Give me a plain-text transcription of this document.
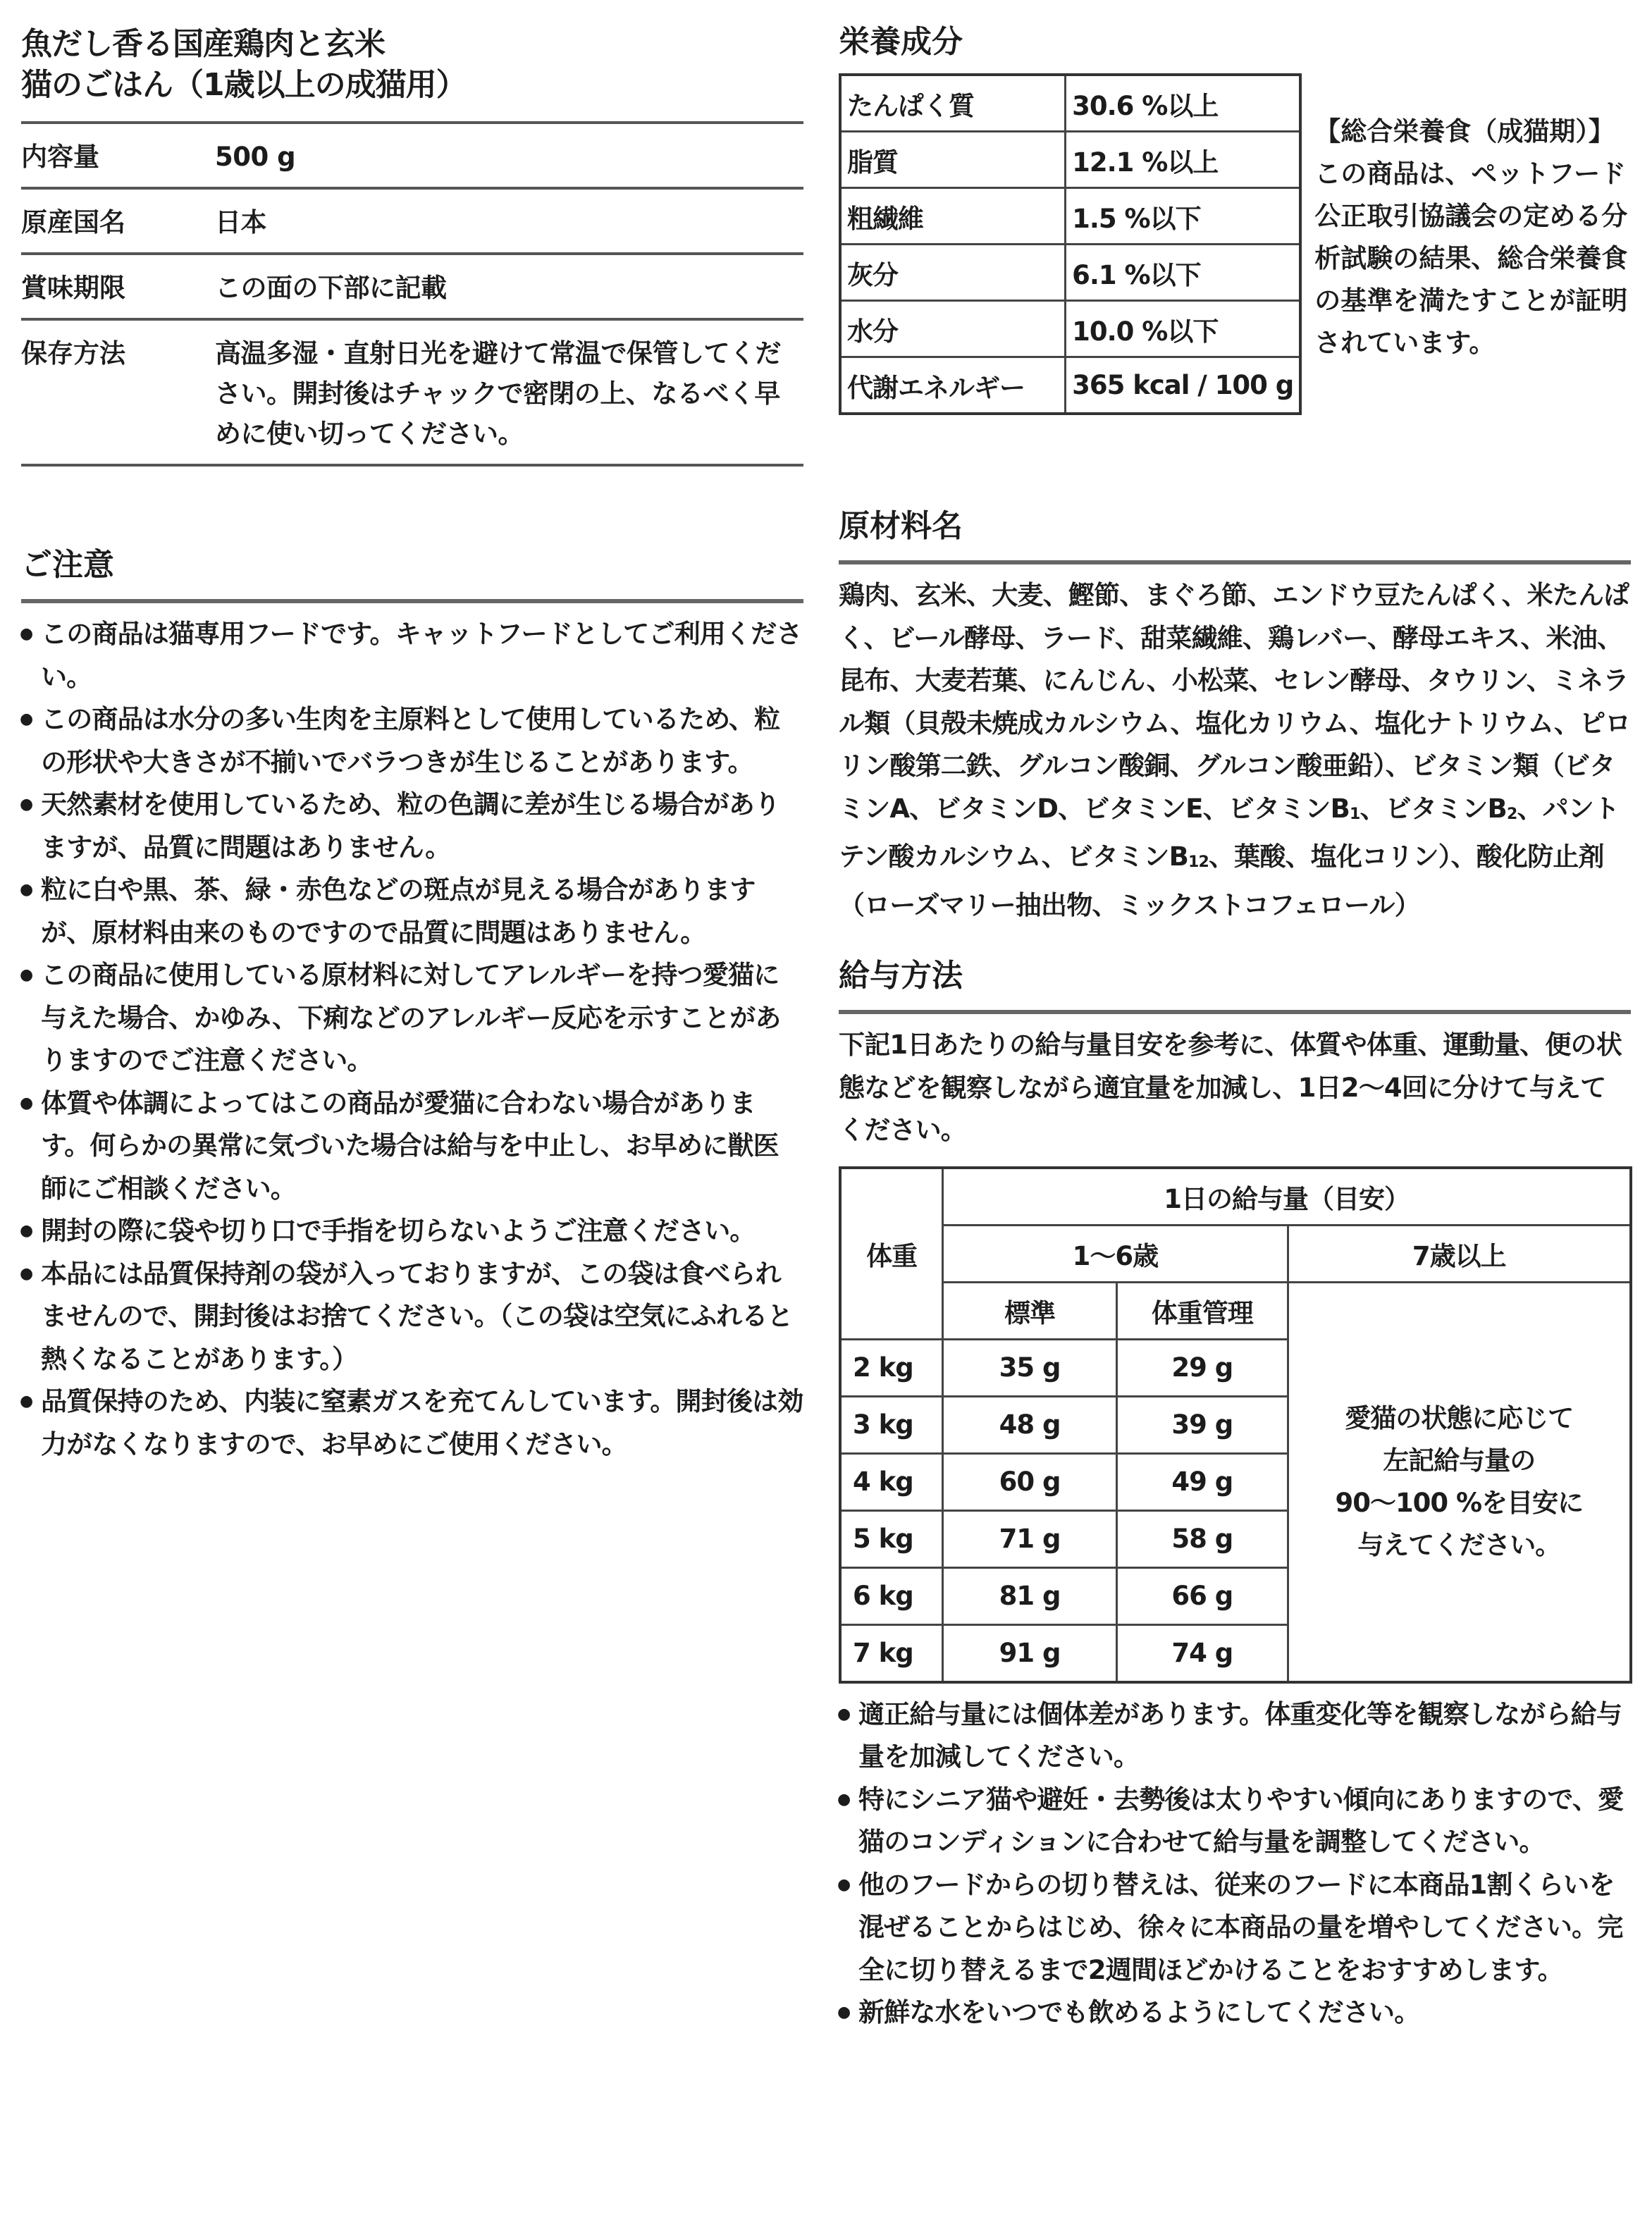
魚だし香る国産鶏肉と玄米
猫のごはん（1歳以上の成猫用）
内容量	500 g
原産国名	日本
賞味期限	この面の下部に記載
保存方法	高温多湿・直射日光を避けて常温で保管してください。開封後はチャックで密閉の上、なるべく早めに使い切ってください。
ご注意
● この商品は猫専用フードです。キャットフードとしてご利用ください。
● この商品は水分の多い生肉を主原料として使用しているため、粒の形状や大きさが不揃いでバラつきが生じることがあります。
● 天然素材を使用しているため、粒の色調に差が生じる場合がありますが、品質に問題はありません。
● 粒に白や黒、茶、緑・赤色などの斑点が見える場合がありますが、原材料由来のものですので品質に問題はありません。
● この商品に使用している原材料に対してアレルギーを持つ愛猫に与えた場合、かゆみ、下痢などのアレルギー反応を示すことがありますのでご注意ください。
● 体質や体調によってはこの商品が愛猫に合わない場合があります。何らかの異常に気づいた場合は給与を中止し、お早めに獣医師にご相談ください。
● 開封の際に袋や切り口で手指を切らないようご注意ください。
● 本品には品質保持剤の袋が入っておりますが、この袋は食べられませんので、開封後はお捨てください。（この袋は空気にふれると熱くなることがあります。）
● 品質保持のため、内装に窒素ガスを充てんしています。開封後は効力がなくなりますので、お早めにご使用ください。
栄養成分
たんぱく質	30.6 %以上
脂質	12.1 %以上
粗繊維	1.5 %以下
灰分	6.1 %以下
水分	10.0 %以下
代謝エネルギー	365 kcal / 100 g

【総合栄養食（成猫期）】この商品は、ペットフード公正取引協議会の定める分析試験の結果、総合栄養食の基準を満たすことが証明されています。

原材料名

鶏肉、玄米、大麦、鰹節、まぐろ節、エンドウ豆たんぱく、米たんぱく、ビール酵母、ラード、甜菜繊維、鶏レバー、酵母エキス、米油、昆布、大麦若葉、にんじん、小松菜、セレン酵母、タウリン、ミネラル類（貝殻未焼成カルシウム、塩化カリウム、塩化ナトリウム、ピロリン酸第二鉄、グルコン酸銅、グルコン酸亜鉛）、ビタミン類（ビタミンA、ビタミンD、ビタミンE、ビタミン$B_1$、ビタミン$B_2$、パントテン酸カルシウム、ビタミン$B_{12}$、葉酸、塩化コリン）、酸化防止剤（ローズマリー抽出物、ミックストコフェロール）

給与方法

下記1日あたりの給与量目安を参考に、体質や体重、運動量、便の状態などを観察しながら適宜量を加減し、1日2〜4回に分けて与えてください。

体重	1日の給与量（目安）		
	1〜6歳		7歳以上
	標準	体重管理	愛猫の状態に応じて
左記給与量の
90〜100 %を目安に
与えてください。
2 kg	35 g	29 g	
3 kg	48 g	39 g	
4 kg	60 g	49 g	
5 kg	71 g	58 g	
6 kg	81 g	66 g	
7 kg	91 g	74 g	
● 適正給与量には個体差があります。体重変化等を観察しながら給与量を加減してください。
● 特にシニア猫や避妊・去勢後は太りやすい傾向にありますので、愛猫のコンディションに合わせて給与量を調整してください。
● 他のフードからの切り替えは、従来のフードに本商品1割くらいを混ぜることからはじめ、徐々に本商品の量を増やしてください。完全に切り替えるまで2週間ほどかけることをおすすめします。
● 新鮮な水をいつでも飲めるようにしてください。
